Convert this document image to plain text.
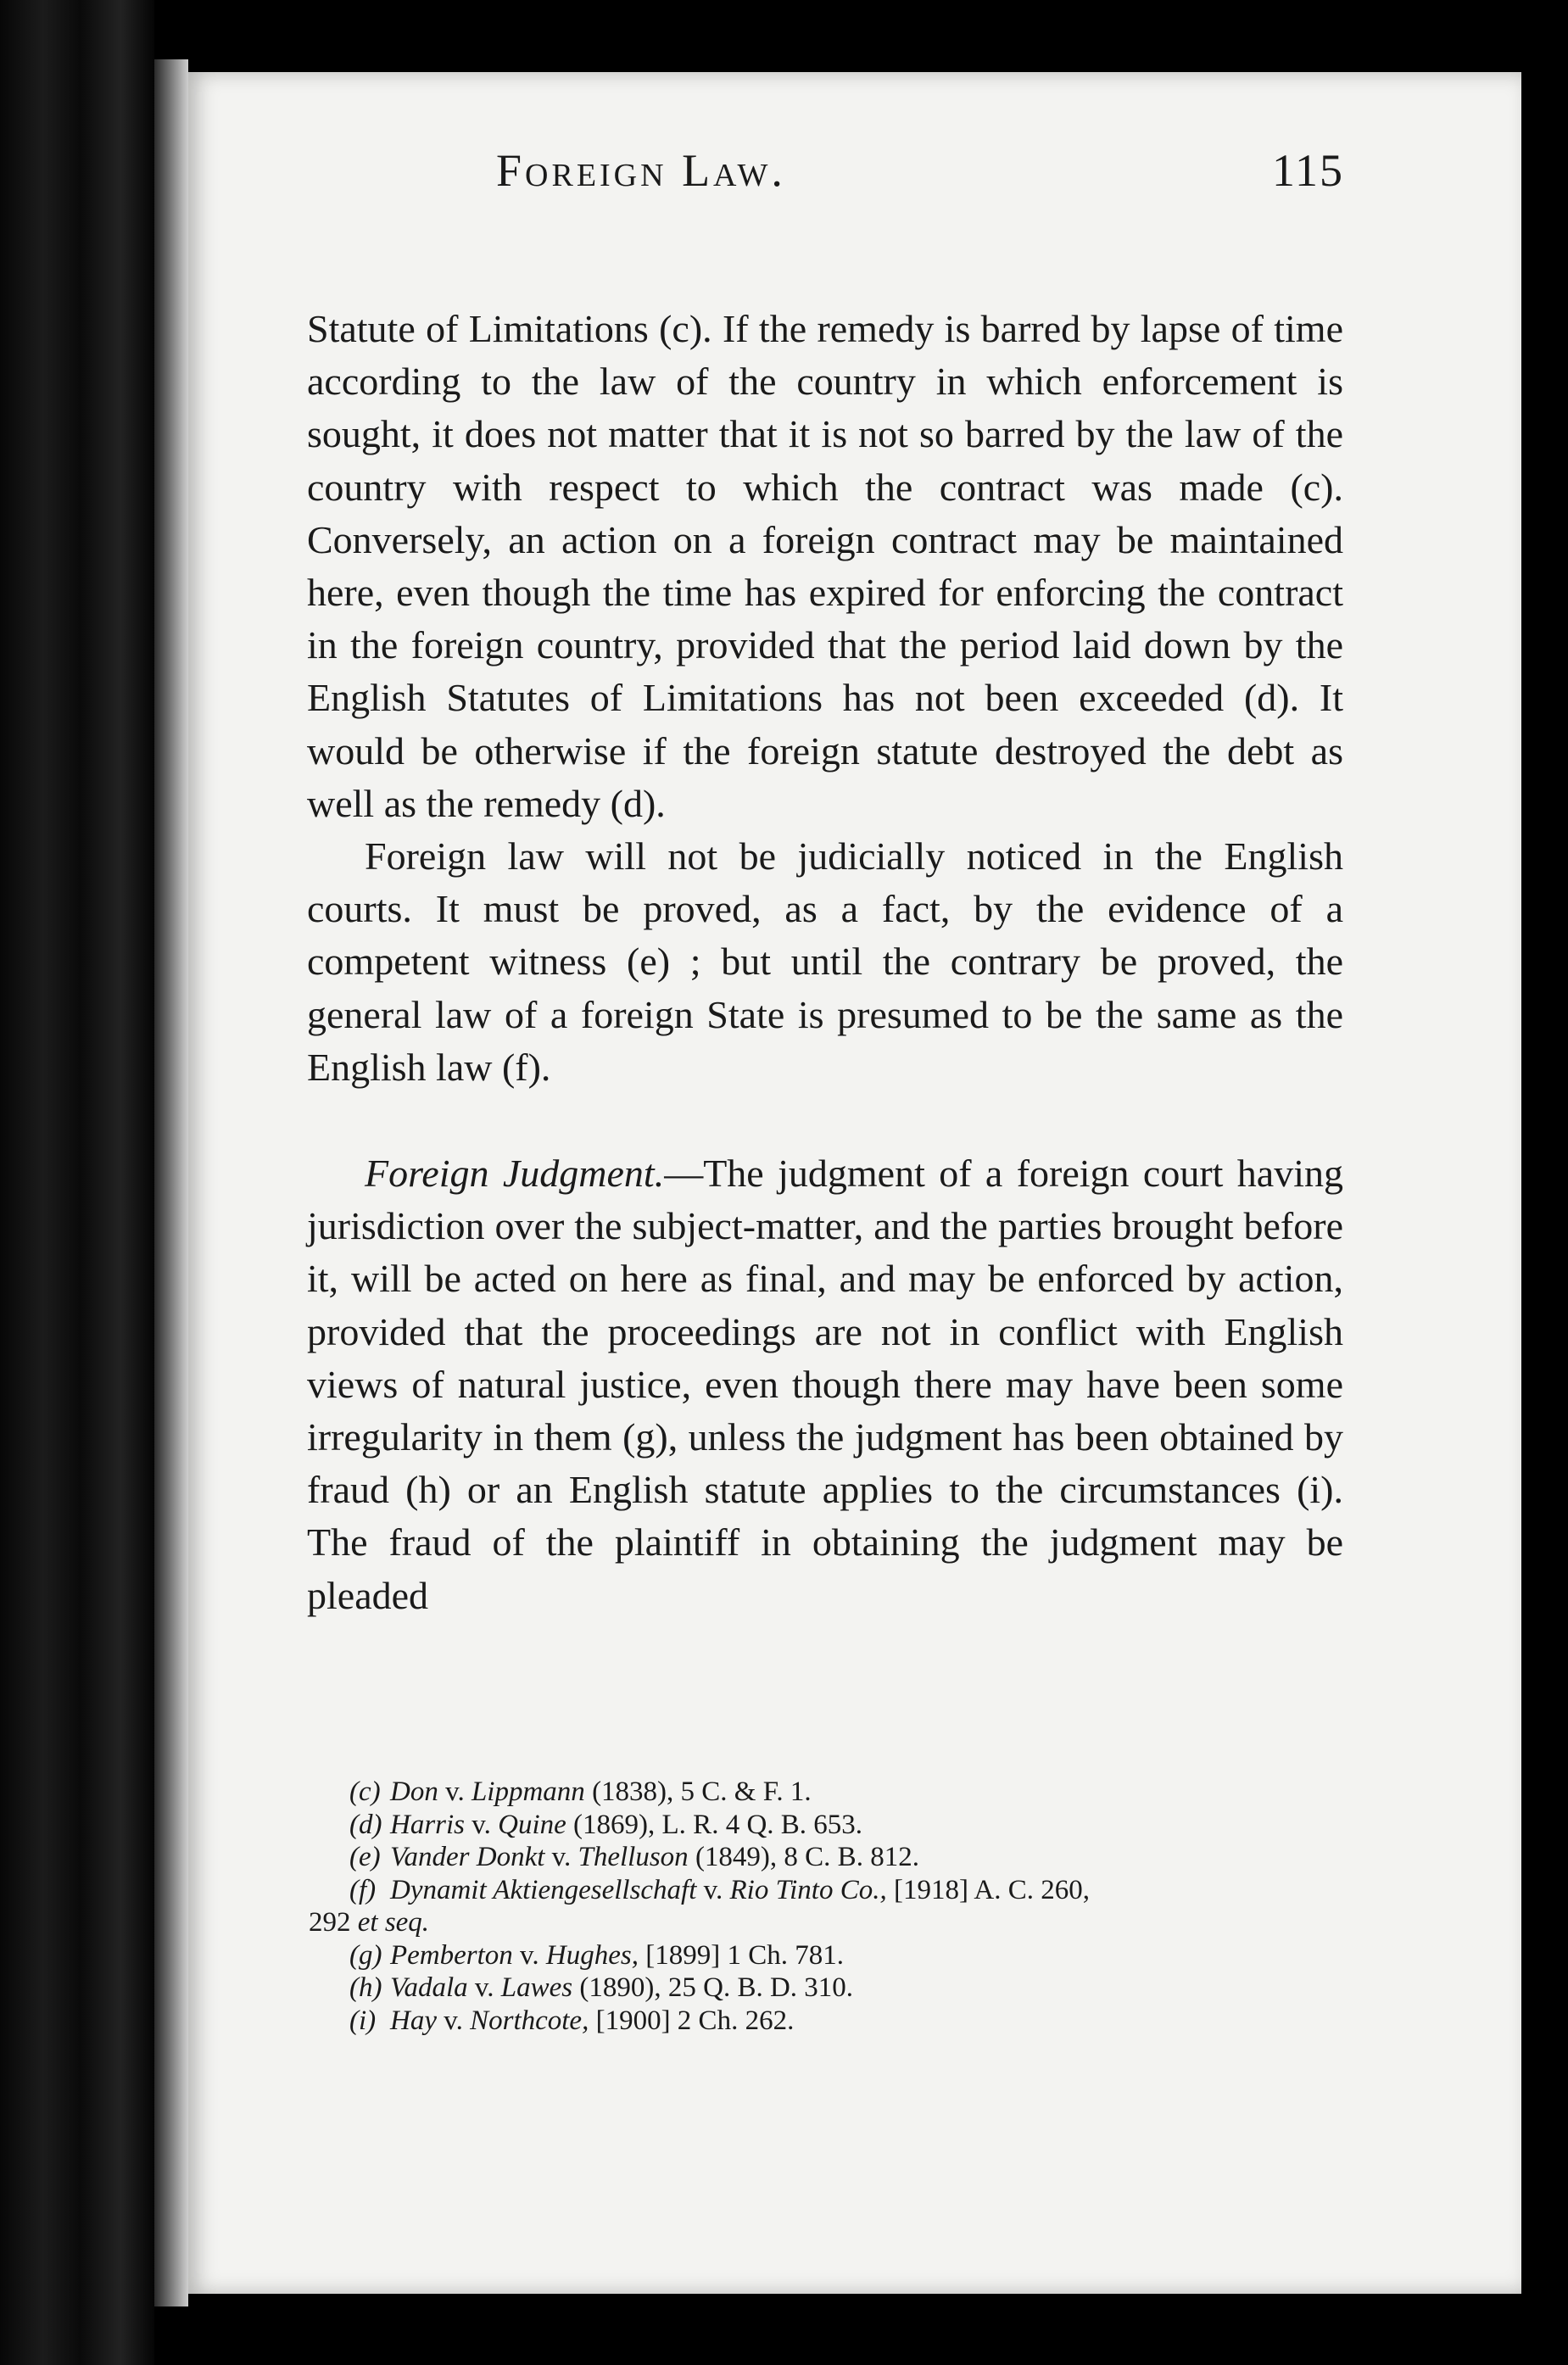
Foreign Law.	115

Statute of Limitations (c). If the remedy is barred by lapse of time according to the law of the country in which enforcement is sought, it does not matter that it is not so barred by the law of the country with respect to which the contract was made (c). Conversely, an action on a foreign contract may be maintained here, even though the time has expired for enforcing the contract in the foreign country, provided that the period laid down by the English Statutes of Limitations has not been exceeded (d). It would be otherwise if the foreign statute destroyed the debt as well as the remedy (d).

Foreign law will not be judicially noticed in the English courts. It must be proved, as a fact, by the evidence of a competent witness (e) ; but until the contrary be proved, the general law of a foreign State is presumed to be the same as the English law (f).

Foreign Judgment.—The judgment of a foreign court having jurisdiction over the subject-matter, and the parties brought before it, will be acted on here as final, and may be enforced by action, provided that the proceedings are not in conflict with English views of natural justice, even though there may have been some irregularity in them (g), unless the judgment has been obtained by fraud (h) or an English statute applies to the circumstances (i). The fraud of the plaintiff in obtaining the judgment may be pleaded

(c) Don v. Lippmann (1838), 5 C. & F. 1.

(d) Harris v. Quine (1869), L. R. 4 Q. B. 653.

(e) Vander Donkt v. Thelluson (1849), 8 C. B. 812.

(f) Dynamit Aktiengesellschaft v. Rio Tinto Co., [1918] A. C. 260,

292 et seq.

(g) Pemberton v. Hughes, [1899] 1 Ch. 781.

(h) Vadala v. Lawes (1890), 25 Q. B. D. 310.

(i) Hay v. Northcote, [1900] 2 Ch. 262.
